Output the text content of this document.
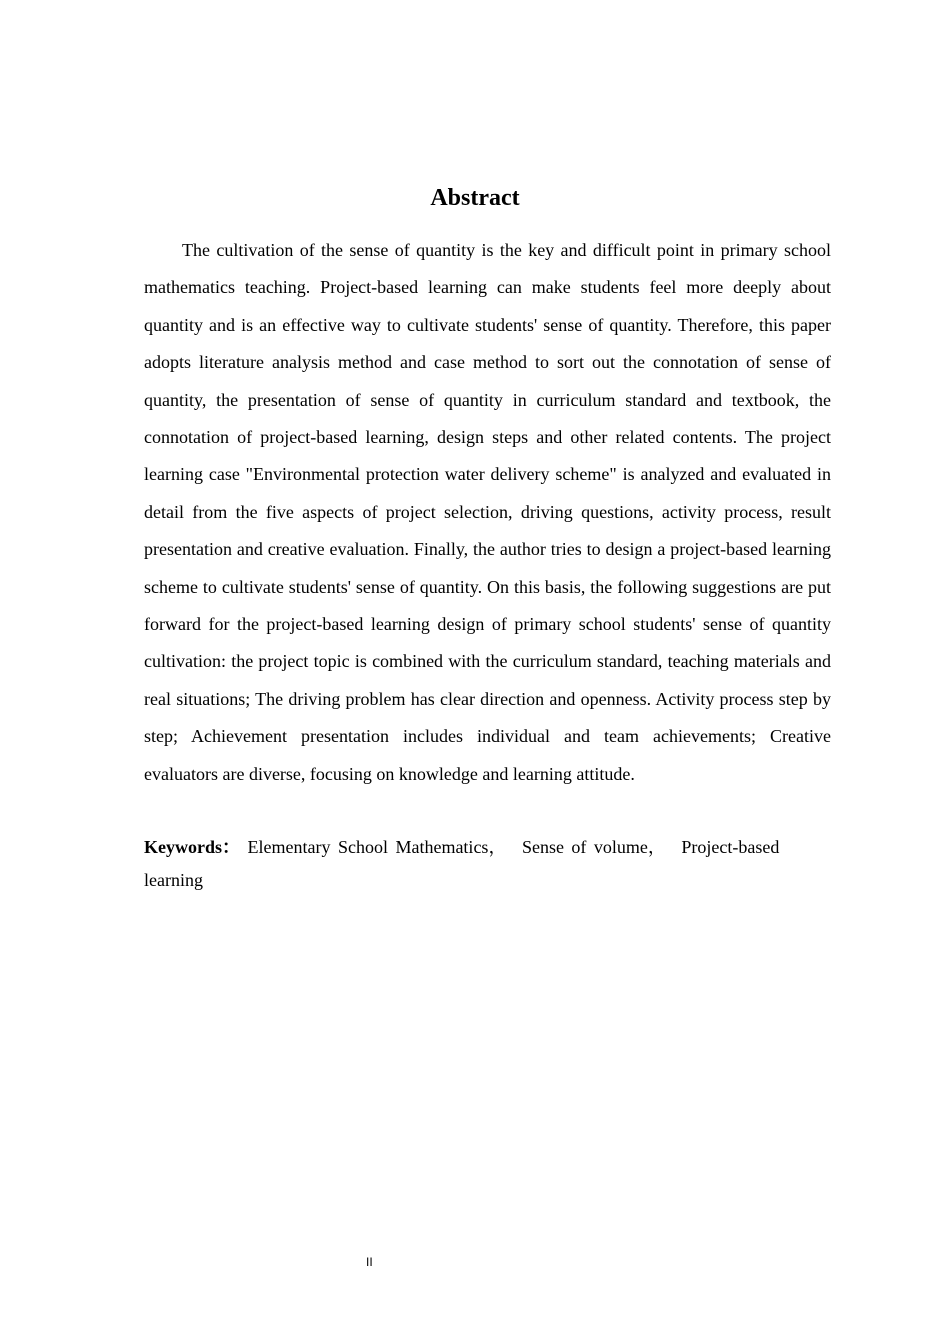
Abstract

The cultivation of the sense of quantity is the key and difficult point in primary school mathematics teaching. Project-based learning can make students feel more deeply about quantity and is an effective way to cultivate students' sense of quantity. Therefore, this paper adopts literature analysis method and case method to sort out the connotation of sense of quantity, the presentation of sense of quantity in curriculum standard and textbook, the connotation of project-based learning, design steps and other related contents. The project learning case "Environmental protection water delivery scheme" is analyzed and evaluated in detail from the five aspects of project selection, driving questions, activity process, result presentation and creative evaluation. Finally, the author tries to design a project-based learning scheme to cultivate students' sense of quantity. On this basis, the following suggestions are put forward for the project-based learning design of primary school students' sense of quantity cultivation: the project topic is combined with the curriculum standard, teaching materials and real situations; The driving problem has clear direction and openness. Activity process step by step; Achievement presentation includes individual and team achievements; Creative evaluators are diverse, focusing on knowledge and learning attitude.

Keywords： Elementary School Mathematics， Sense of volume， Project-based learning

II
